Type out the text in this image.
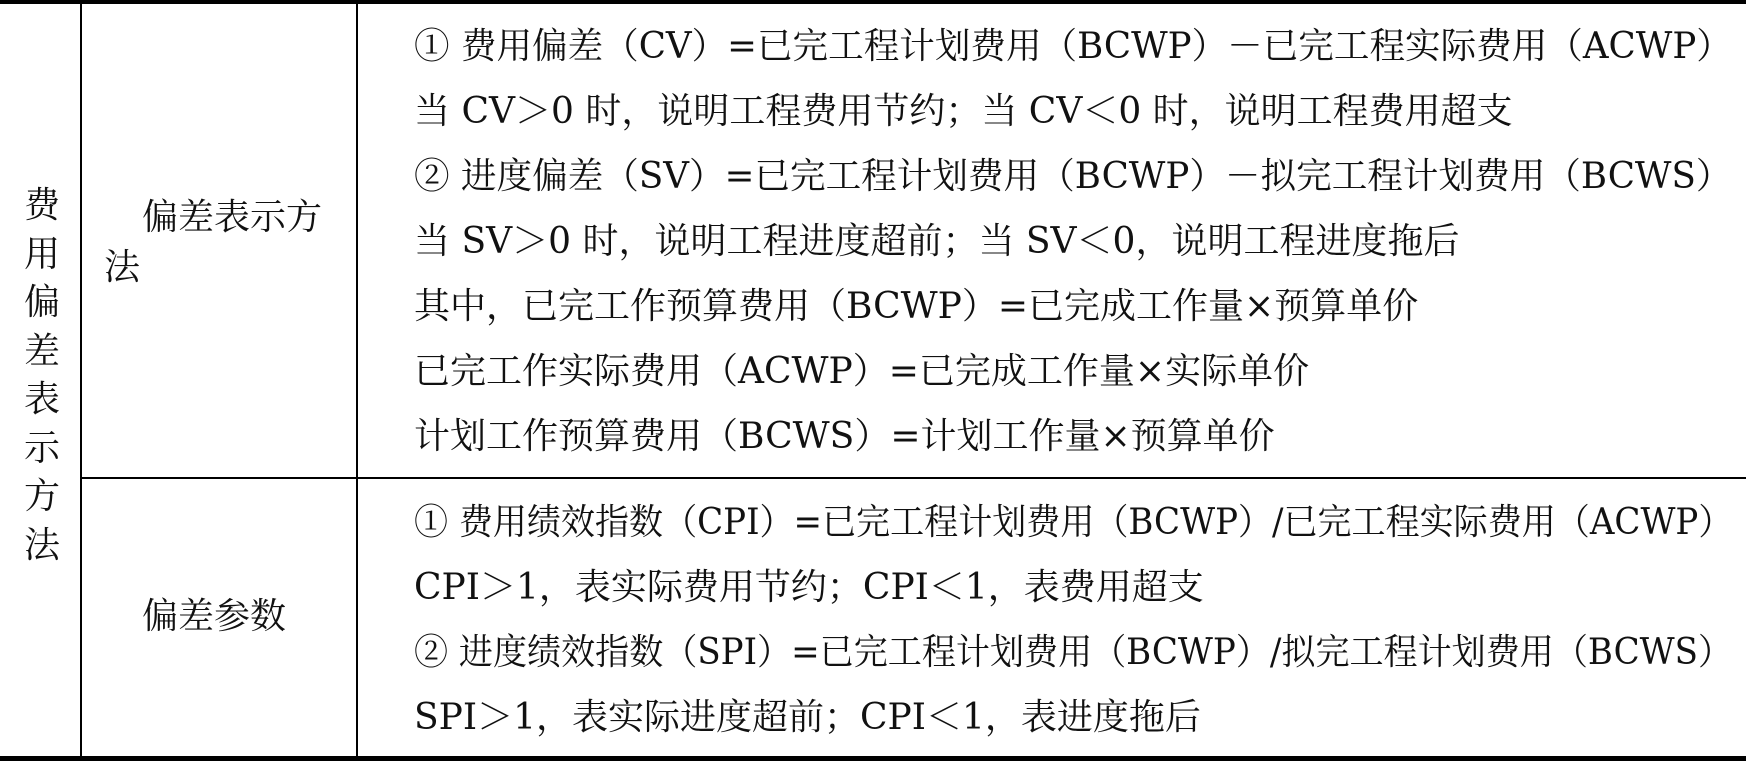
费
用
偏
差
表
示
方
法
偏差表示方
法
① 费用偏差（CV）=已完工程计划费用（BCWP）－已完工程实际费用（ACWP）
当 CV＞0 时，说明工程费用节约；当 CV＜0 时，说明工程费用超支
② 进度偏差（SV）=已完工程计划费用（BCWP）－拟完工程计划费用（BCWS）
当 SV＞0 时，说明工程进度超前；当 SV＜0，说明工程进度拖后
其中，已完工作预算费用（BCWP）=已完成工作量×预算单价
已完工作实际费用（ACWP）=已完成工作量×实际单价
计划工作预算费用（BCWS）=计划工作量×预算单价
偏差参数
① 费用绩效指数（CPI）=已完工程计划费用（BCWP）/已完工程实际费用（ACWP）
CPI＞1，表实际费用节约；CPI＜1，表费用超支
② 进度绩效指数（SPI）=已完工程计划费用（BCWP）/拟完工程计划费用（BCWS）
SPI＞1，表实际进度超前；CPI＜1，表进度拖后
